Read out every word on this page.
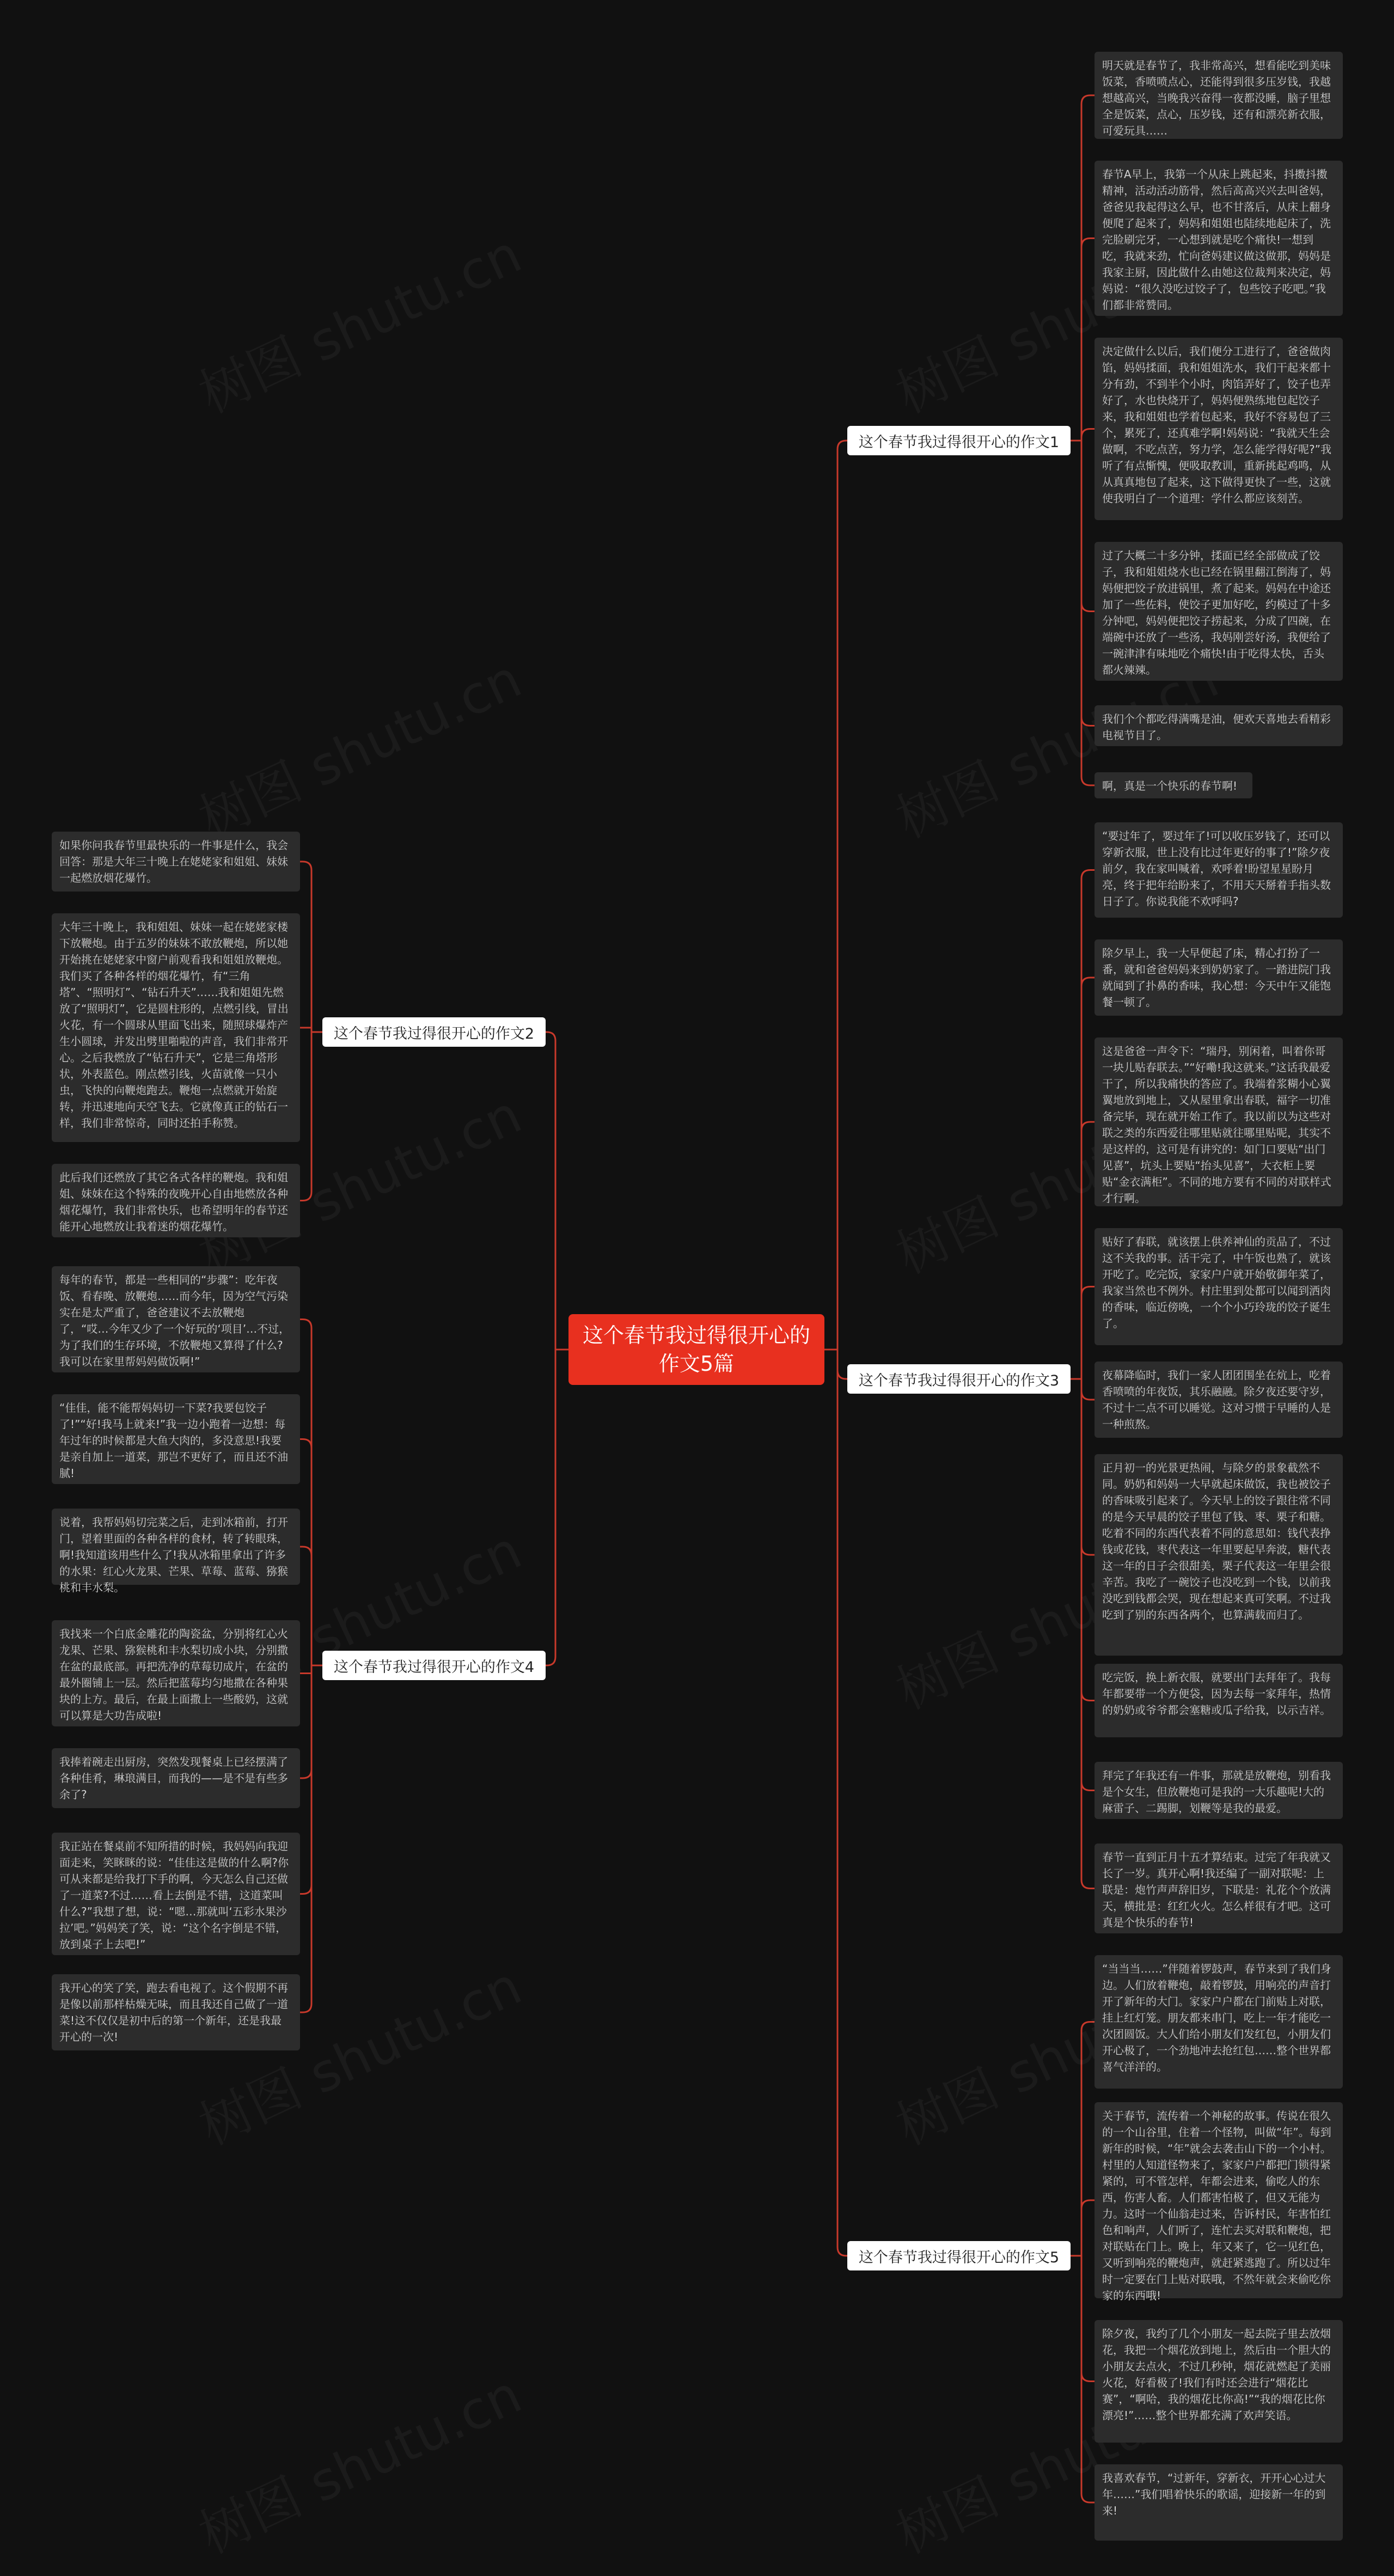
这个春节我过得很开心的作文5篇
这个春节我过得很开心的作文1
这个春节我过得很开心的作文2
这个春节我过得很开心的作文3
这个春节我过得很开心的作文4
这个春节我过得很开心的作文5
明天就是春节了，我非常高兴，想看能吃到美味饭菜，香喷喷点心，还能得到很多压岁钱，我越想越高兴，当晚我兴奋得一夜都没睡，脑子里想全是饭菜，点心，压岁钱，还有和漂亮新衣服，可爱玩具……
春节A早上，我第一个从床上跳起来，抖擞抖擞精神，活动活动筋骨，然后高高兴兴去叫爸妈，爸爸见我起得这么早，也不甘落后，从床上翻身便爬了起来了，妈妈和姐姐也陆续地起床了，洗完脸刷完牙，一心想到就是吃个痛快!一想到吃，我就来劲，忙向爸妈建议做这做那，妈妈是我家主厨，因此做什么由她这位裁判来决定，妈妈说：“很久没吃过饺子了，包些饺子吃吧。”我们都非常赞同。
决定做什么以后，我们便分工进行了，爸爸做肉馅，妈妈揉面，我和姐姐洗水，我们干起来都十分有劲，不到半个小时，肉馅弄好了，饺子也弄好了，水也快烧开了，妈妈便熟练地包起饺子来，我和姐姐也学着包起来，我好不容易包了三个，累死了，还真难学啊!妈妈说：“我就天生会做啊，不吃点苦，努力学，怎么能学得好呢?”我听了有点惭愧，便吸取教训，重新挑起鸡鸣，从从真真地包了起来，这下做得更快了一些，这就使我明白了一个道理：学什么都应该刻苦。
过了大概二十多分钟，揉面已经全部做成了饺子，我和姐姐烧水也已经在锅里翻江倒海了，妈妈便把饺子放进锅里，煮了起来。妈妈在中途还加了一些佐料，使饺子更加好吃，约模过了十多分钟吧，妈妈便把饺子捞起来，分成了四碗，在端碗中还放了一些汤，我妈刚尝好汤，我便给了一碗津津有味地吃个痛快!由于吃得太快，舌头都火辣辣。
我们个个都吃得满嘴是油，便欢天喜地去看精彩电视节目了。
啊，真是一个快乐的春节啊!
如果你问我春节里最快乐的一件事是什么，我会回答：那是大年三十晚上在姥姥家和姐姐、妹妹一起燃放烟花爆竹。
大年三十晚上，我和姐姐、妹妹一起在姥姥家楼下放鞭炮。由于五岁的妹妹不敢放鞭炮，所以她开始挑在姥姥家中窗户前观看我和姐姐放鞭炮。我们买了各种各样的烟花爆竹，有“三角塔”、“照明灯”、“钻石升天”……我和姐姐先燃放了“照明灯”，它是圆柱形的，点燃引线，冒出火花，有一个圆球从里面飞出来，随照球爆炸产生小圆球，并发出劈里啪啦的声音，我们非常开心。之后我燃放了“钻石升天”，它是三角塔形状，外表蓝色。刚点燃引线，火苗就像一只小虫，飞快的向鞭炮跑去。鞭炮一点燃就开始旋转，并迅速地向天空飞去。它就像真正的钻石一样，我们非常惊奇，同时还拍手称赞。
此后我们还燃放了其它各式各样的鞭炮。我和姐姐、妹妹在这个特殊的夜晚开心自由地燃放各种烟花爆竹，我们非常快乐，也希望明年的春节还能开心地燃放让我着迷的烟花爆竹。
“要过年了，要过年了!可以收压岁钱了，还可以穿新衣服，世上没有比过年更好的事了!”除夕夜前夕，我在家叫喊着，欢呼着!盼望星星盼月亮，终于把年给盼来了，不用天天掰着手指头数日子了。你说我能不欢呼吗?
除夕早上，我一大早便起了床，精心打扮了一番，就和爸爸妈妈来到奶奶家了。一踏进院门我就闻到了扑鼻的香味，我心想：今天中午又能饱餐一顿了。
这是爸爸一声令下：“瑞丹，别闲着，叫着你哥一块儿贴春联去。”“好嘞!我这就来。”这话我最爱干了，所以我痛快的答应了。我端着浆糊小心翼翼地放到地上，又从屋里拿出春联，福字一切准备完毕，现在就开始工作了。我以前以为这些对联之类的东西爱往哪里贴就往哪里贴呢，其实不是这样的，这可是有讲究的：如门口要贴“出门见喜”，坑头上要贴“抬头见喜”，大衣柜上要贴“金衣满柜”。不同的地方要有不同的对联样式才行啊。
贴好了春联，就该摆上供养神仙的贡品了，不过这不关我的事。活干完了，中午饭也熟了，就该开吃了。吃完饭，家家户户就开始敬御年菜了，我家当然也不例外。村庄里到处都可以闻到洒肉的香味，临近傍晚，一个个小巧玲珑的饺子诞生了。
夜幕降临时，我们一家人团团围坐在炕上，吃着香喷喷的年夜饭，其乐融融。除夕夜还要守岁，不过十二点不可以睡觉。这对习惯于早睡的人是一种煎熬。
正月初一的光景更热闹，与除夕的景象截然不同。奶奶和妈妈一大早就起床做饭，我也被饺子的香味吸引起来了。今天早上的饺子跟往常不同的是今天早晨的饺子里包了钱、枣、栗子和糖。吃着不同的东西代表着不同的意思如：钱代表挣钱或花钱，枣代表这一年里要起早奔波，糖代表这一年的日子会很甜美，栗子代表这一年里会很辛苦。我吃了一碗饺子也没吃到一个钱，以前我没吃到钱都会哭，现在想起来真可笑啊。不过我吃到了别的东西各两个，也算满载而归了。
吃完饭，换上新衣服，就要出门去拜年了。我每年都要带一个方便袋，因为去每一家拜年，热情的奶奶或爷爷都会塞糖或瓜子给我，以示吉祥。
拜完了年我还有一件事，那就是放鞭炮，别看我是个女生，但放鞭炮可是我的一大乐趣呢!大的麻雷子、二踢脚，划鞭等是我的最爱。
春节一直到正月十五才算结束。过完了年我就又长了一岁。真开心啊!我还编了一副对联呢：上联是：炮竹声声辞旧岁，下联是：礼花个个放满天，横批是：红红火火。怎么样很有才吧。这可真是个快乐的春节!
每年的春节，都是一些相同的“步骤”：吃年夜饭、看春晚、放鞭炮……而今年，因为空气污染实在是太严重了，爸爸建议不去放鞭炮了，“哎…今年又少了一个好玩的‘项目’…不过，为了我们的生存环境，不放鞭炮又算得了什么?我可以在家里帮妈妈做饭啊!”
“佳佳，能不能帮妈妈切一下菜?我要包饺子了!”“好!我马上就来!”我一边小跑着一边想：每年过年的时候都是大鱼大肉的，多没意思!我要是亲自加上一道菜，那岂不更好了，而且还不油腻!
说着，我帮妈妈切完菜之后，走到冰箱前，打开门，望着里面的各种各样的食材，转了转眼珠，啊!我知道该用些什么了!我从冰箱里拿出了许多的水果：红心火龙果、芒果、草莓、蓝莓、猕猴桃和丰水梨。
我找来一个白底金雕花的陶瓷盆，分别将红心火龙果、芒果、猕猴桃和丰水梨切成小块，分别撒在盆的最底部。再把洗净的草莓切成片，在盆的最外圈铺上一层。然后把蓝莓均匀地撒在各种果块的上方。最后，在最上面撒上一些酸奶，这就可以算是大功告成啦!
我捧着碗走出厨房，突然发现餐桌上已经摆满了各种佳肴，琳琅满目，而我的——是不是有些多余了?
我正站在餐桌前不知所措的时候，我妈妈向我迎面走来，笑眯眯的说：“佳佳这是做的什么啊?你可从来都是给我打下手的啊，今天怎么自己还做了一道菜?不过……看上去倒是不错，这道菜叫什么?”我想了想，说：“嗯…那就叫‘五彩水果沙拉’吧。”妈妈笑了笑，说：“这个名字倒是不错，放到桌子上去吧!”
我开心的笑了笑，跑去看电视了。这个假期不再是像以前那样枯燥无味，而且我还自己做了一道菜!这不仅仅是初中后的第一个新年，还是我最开心的一次!
“当当当……”伴随着锣鼓声，春节来到了我们身边。人们放着鞭炮，敲着锣鼓，用响亮的声音打开了新年的大门。家家户户都在门前贴上对联，挂上红灯笼。朋友都来串门，吃上一年才能吃一次团圆饭。大人们给小朋友们发红包，小朋友们开心极了，一个劲地冲去抢红包……整个世界都喜气洋洋的。
关于春节，流传着一个神秘的故事。传说在很久的一个山谷里，住着一个怪物，叫做“年”。每到新年的时候，“年”就会去袭击山下的一个小村。村里的人知道怪物来了，家家户户都把门锁得紧紧的，可不管怎样，年都会进来，偷吃人的东西，伤害人畜。人们都害怕极了，但又无能为力。这时一个仙翁走过来，告诉村民，年害怕红色和响声，人们听了，连忙去买对联和鞭炮，把对联贴在门上。晚上，年又来了，它一见红色，又听到响亮的鞭炮声，就赶紧逃跑了。所以过年时一定要在门上贴对联哦，不然年就会来偷吃你家的东西哦!
除夕夜，我约了几个小朋友一起去院子里去放烟花，我把一个烟花放到地上，然后由一个胆大的小朋友去点火，不过几秒钟，烟花就燃起了美丽火花，好看极了!我们有时还会进行“烟花比赛”，“啊哈，我的烟花比你高!”“我的烟花比你漂亮!”……整个世界都充满了欢声笑语。
我喜欢春节，“过新年，穿新衣，开开心心过大年……”我们唱着快乐的歌谣，迎接新一年的到来!
